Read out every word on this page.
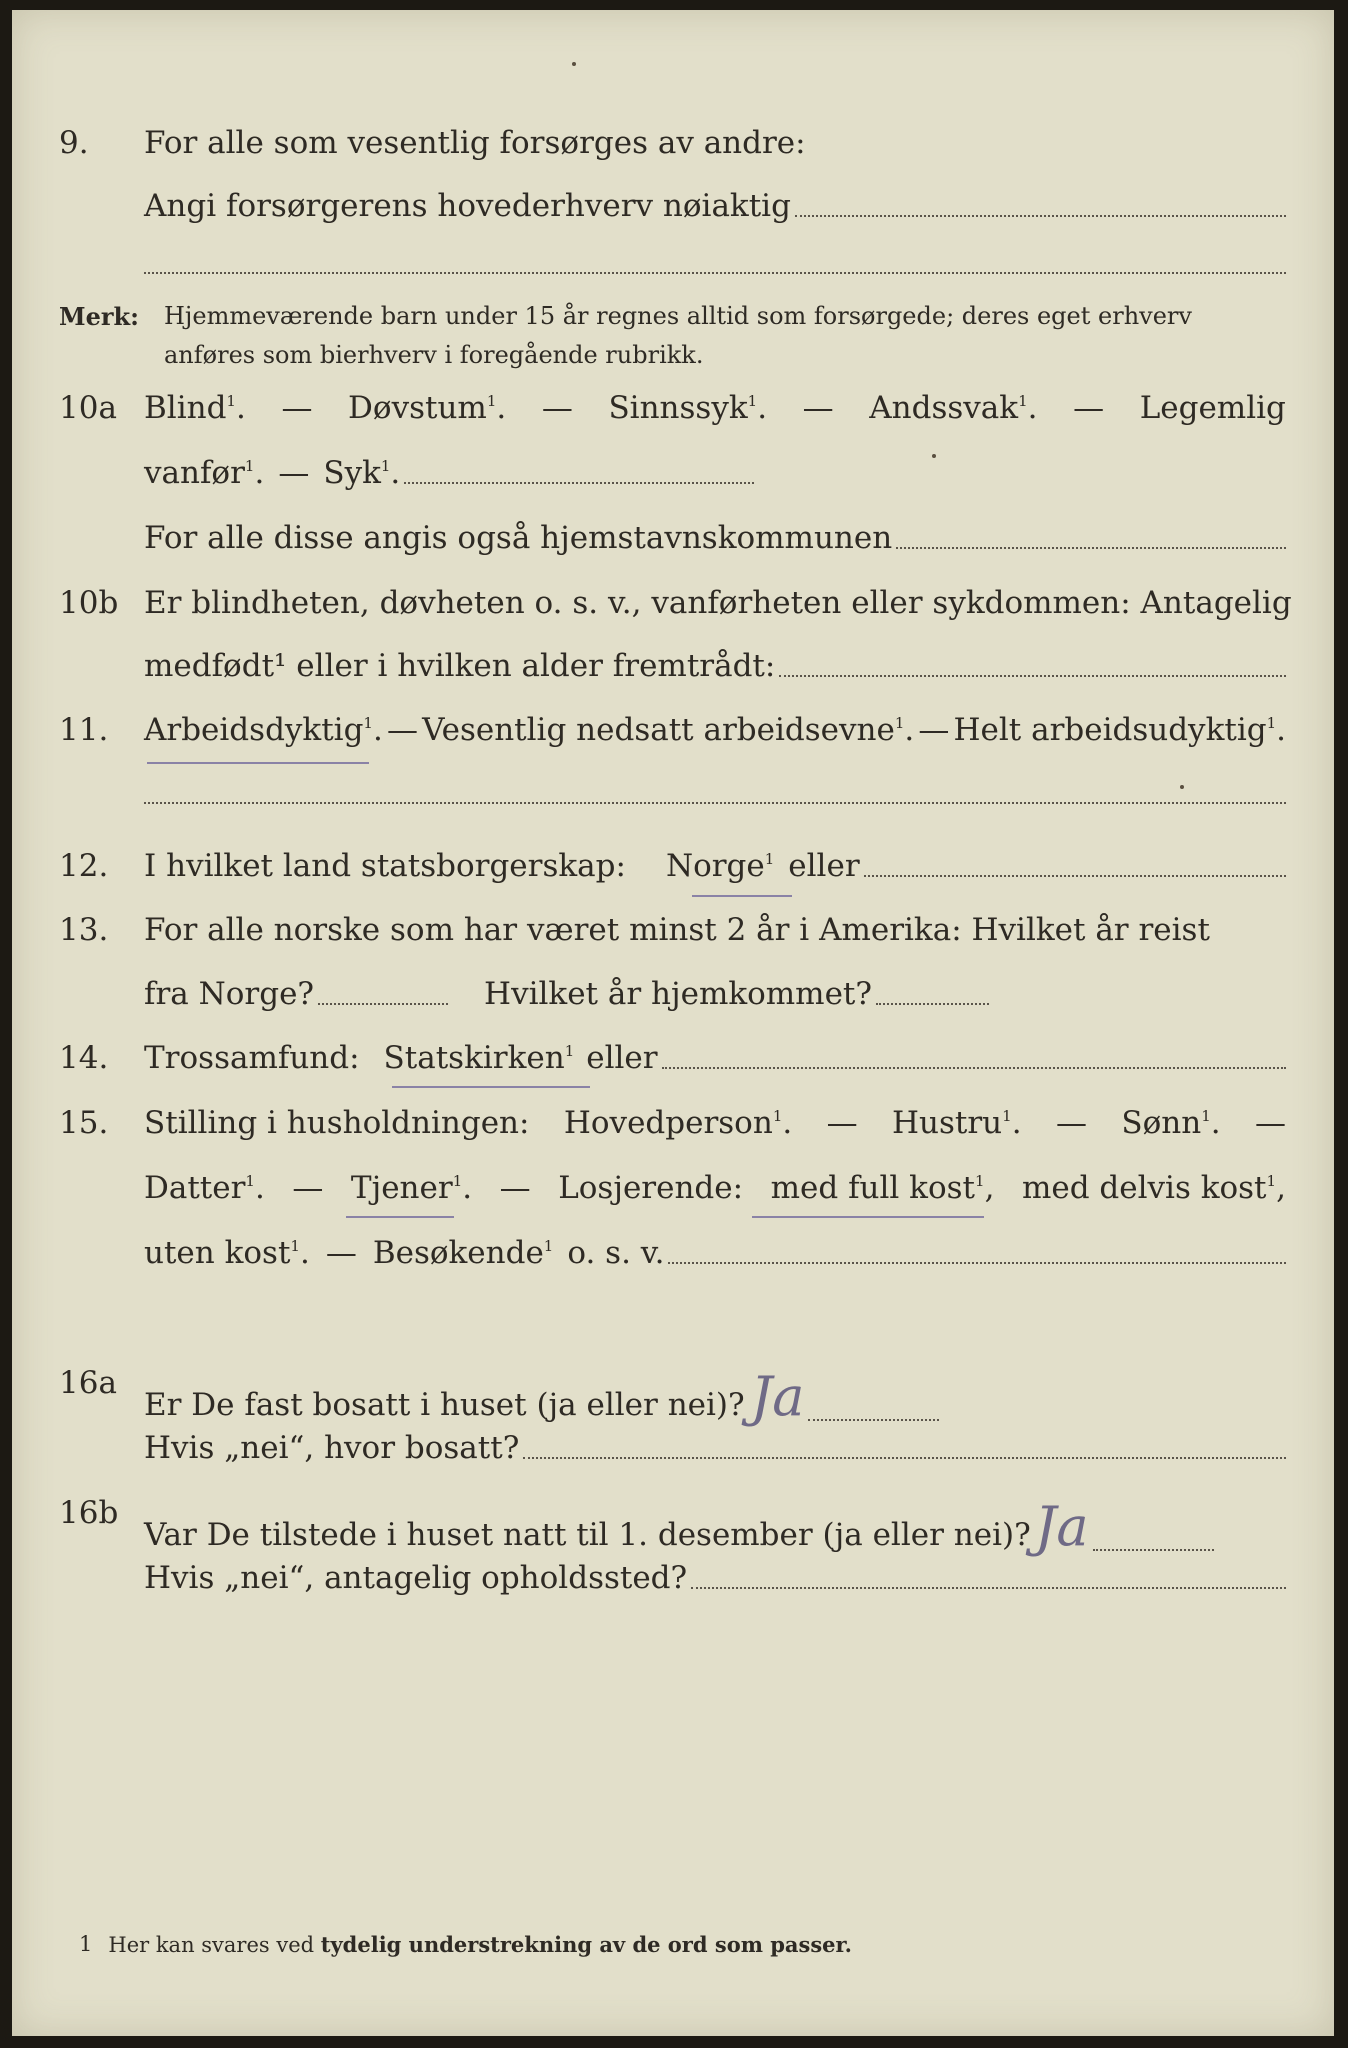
9.	For alle som vesentlig forsørges av andre:
Angi forsørgerens hovederhverv nøiaktig
Merk: Hjemmeværende barn under 15 år regnes alltid som forsørgede; deres eget erhverv
anføres som bierhverv i foregående rubrikk.
10a Blind$^1$. — Døvstum$^1$. — Sinnssyk$^1$. — Andssvak$^1$. — Legemlig
vanfør$^1$. — Syk$^1$.
For alle disse angis også hjemstavnskommunen
10b Er blindheten, døvheten o. s. v., vanførheten eller sykdommen: Antagelig
medfødt¹ eller i hvilken alder fremtrådt:
11.	Arbeidsdyktig$^1$. — Vesentlig nedsatt arbeidsevne$^1$. — Helt arbeidsudyktig$^1$.
12.	I hvilket land statsborgerskap: Norge$^1$ eller
13.	For alle norske som har været minst 2 år i Amerika: Hvilket år reist
fra Norge?	Hvilket år hjemkommet?
14.	Trossamfund: Statskirken$^1$ eller
15.	Stilling i husholdningen: Hovedperson$^1$. — Hustru$^1$. — Sønn$^1$. —
Datter$^1$. — Tjener$^1$. — Losjerende: med full kost$^1$, med delvis kost$^1$,
uten kost$^1$. — Besøkende$^1$ o. s. v.
16a
Er De fast bosatt i huset (ja eller nei)? Ja
Hvis „nei“, hvor bosatt?
16b
Var De tilstede i huset natt til 1. desember (ja eller nei)? Ja
Hvis „nei“, antagelig opholdssted?
1 Her kan svares ved tydelig understrekning av de ord som passer.
